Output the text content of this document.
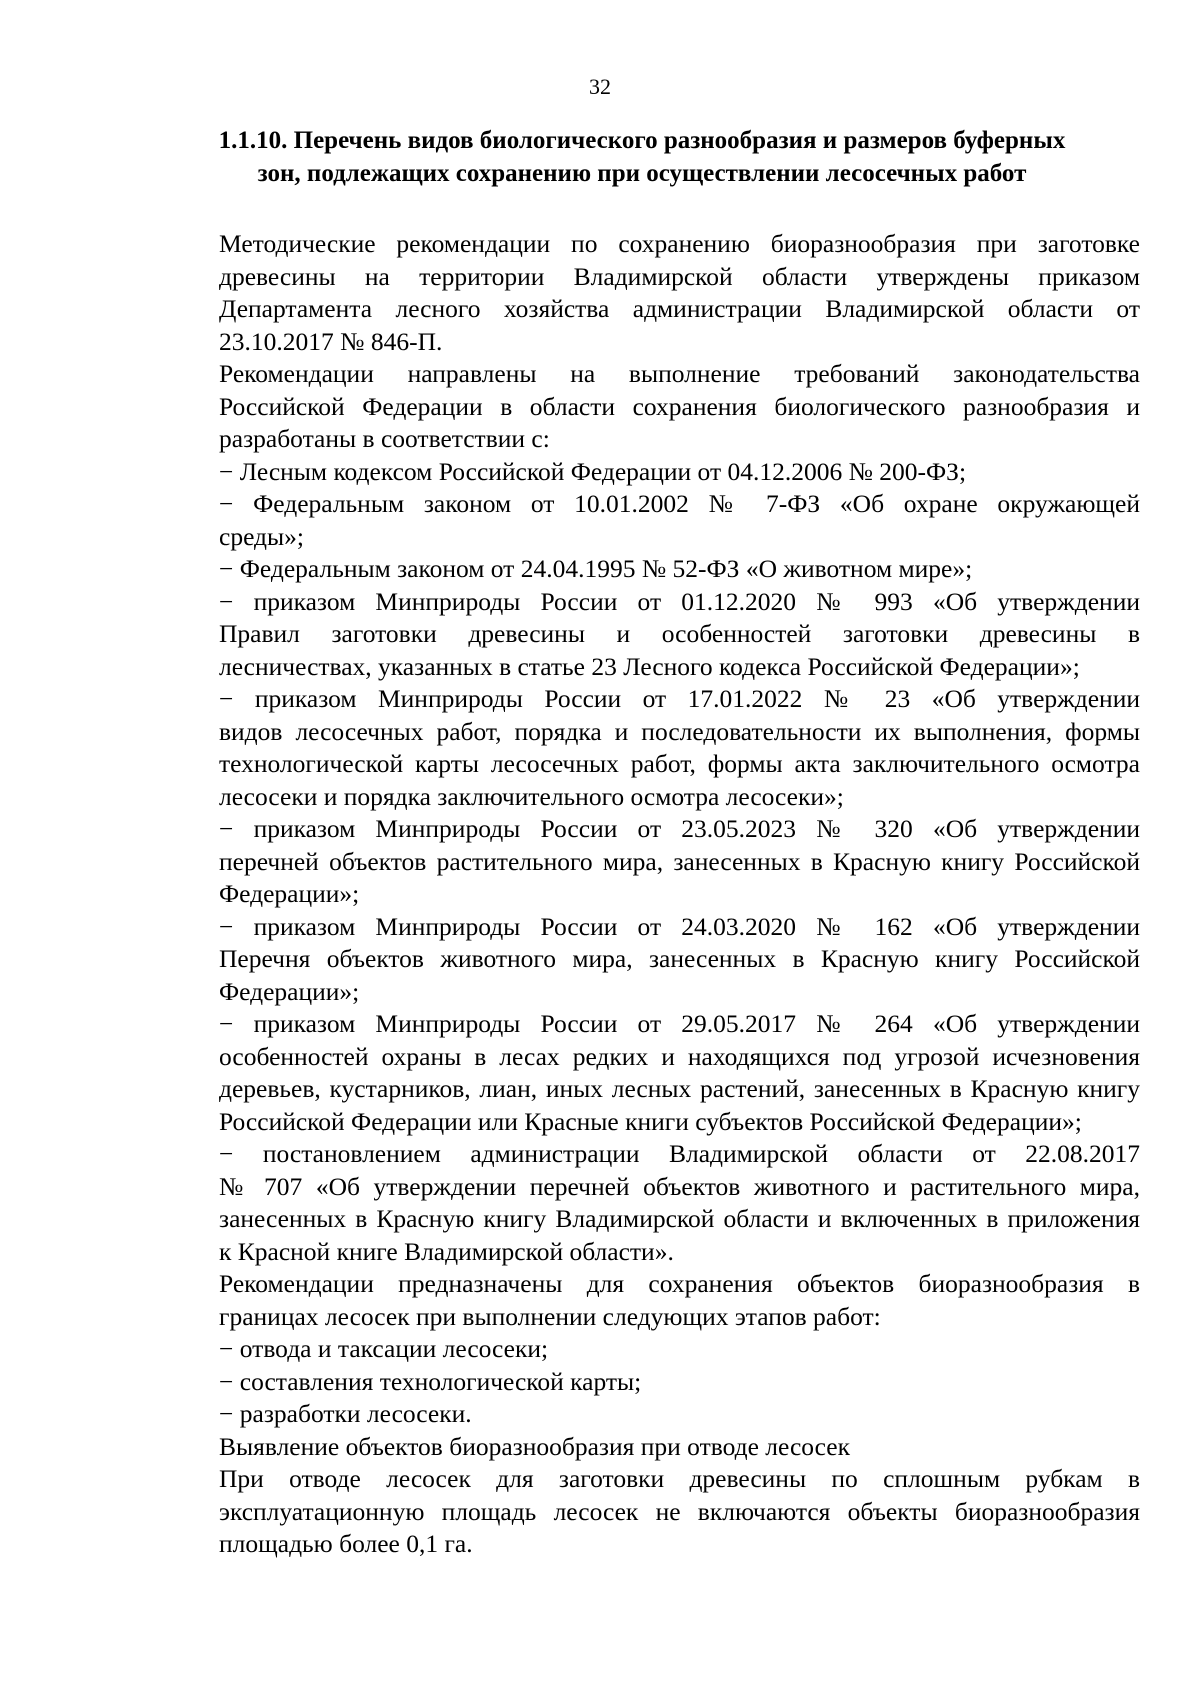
32
1.1.10. Перечень видов биологического разнообразия и размеров буферных
зон, подлежащих сохранению при осуществлении лесосечных работ

Методические рекомендации по сохранению биоразнообразия при заготовке
древесины на территории Владимирской области утверждены приказом
Департамента лесного хозяйства администрации Владимирской области от
23.10.2017 № 846-П.

Рекомендации направлены на выполнение требований законодательства
Российской Федерации в области сохранения биологического разнообразия и
разработаны в соответствии с:

− Лесным кодексом Российской Федерации от 04.12.2006 № 200-ФЗ;

− Федеральным законом от 10.01.2002 № 7-ФЗ «Об охране окружающей
среды»;

− Федеральным законом от 24.04.1995 № 52-ФЗ «О животном мире»;

− приказом Минприроды России от 01.12.2020 № 993 «Об утверждении
Правил заготовки древесины и особенностей заготовки древесины в
лесничествах, указанных в статье 23 Лесного кодекса Российской Федерации»;

− приказом Минприроды России от 17.01.2022 № 23 «Об утверждении
видов лесосечных работ, порядка и последовательности их выполнения, формы
технологической карты лесосечных работ, формы акта заключительного осмотра
лесосеки и порядка заключительного осмотра лесосеки»;

− приказом Минприроды России от 23.05.2023 № 320 «Об утверждении
перечней объектов растительного мира, занесенных в Красную книгу Российской
Федерации»;

− приказом Минприроды России от 24.03.2020 № 162 «Об утверждении
Перечня объектов животного мира, занесенных в Красную книгу Российской
Федерации»;

− приказом Минприроды России от 29.05.2017 № 264 «Об утверждении
особенностей охраны в лесах редких и находящихся под угрозой исчезновения
деревьев, кустарников, лиан, иных лесных растений, занесенных в Красную книгу
Российской Федерации или Красные книги субъектов Российской Федерации»;

− постановлением администрации Владимирской области от 22.08.2017
№ 707 «Об утверждении перечней объектов животного и растительного мира,
занесенных в Красную книгу Владимирской области и включенных в приложения
к Красной книге Владимирской области».

Рекомендации предназначены для сохранения объектов биоразнообразия в
границах лесосек при выполнении следующих этапов работ:

− отвода и таксации лесосеки;

− составления технологической карты;

− разработки лесосеки.

Выявление объектов биоразнообразия при отводе лесосек

При отводе лесосек для заготовки древесины по сплошным рубкам в
эксплуатационную площадь лесосек не включаются объекты биоразнообразия
площадью более 0,1 га.
